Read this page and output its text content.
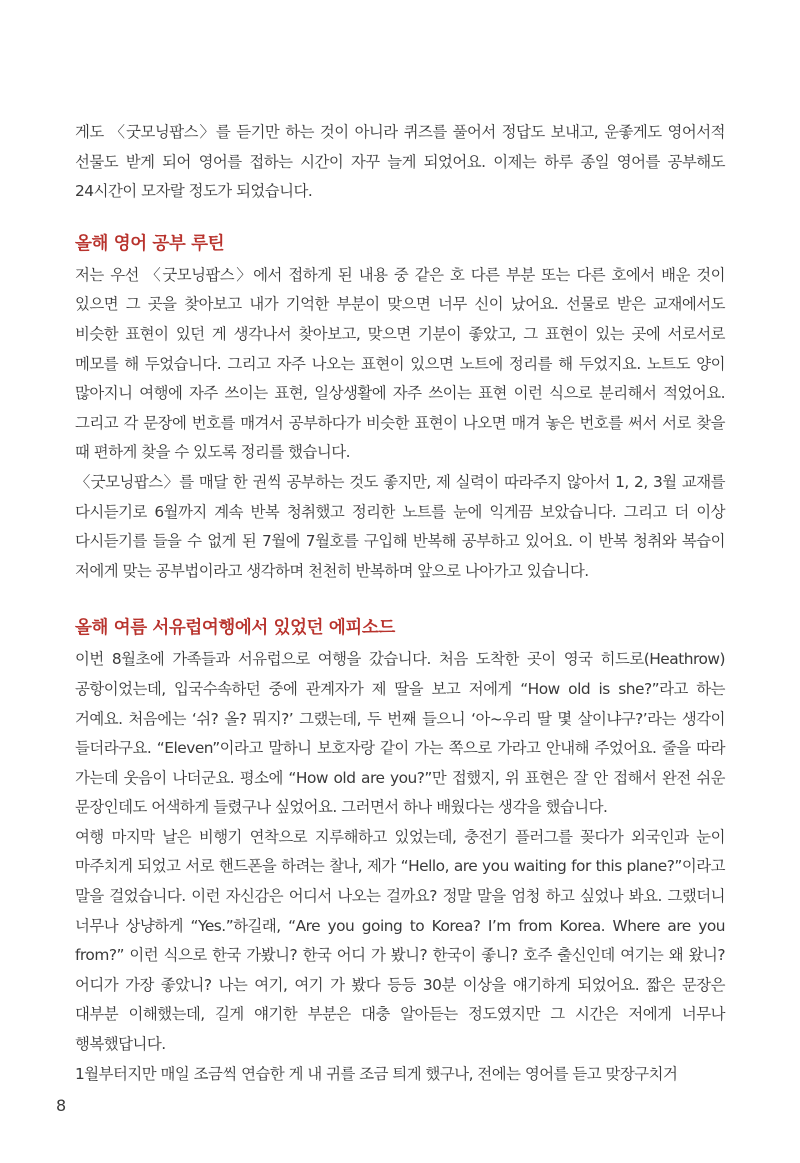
게도 〈굿모닝팝스〉를 듣기만 하는 것이 아니라 퀴즈를 풀어서 정답도 보내고, 운좋게도 영어서적 선물도 받게 되어 영어를 접하는 시간이 자꾸 늘게 되었어요. 이제는 하루 종일 영어를 공부해도 24시간이 모자랄 정도가 되었습니다.

올해 영어 공부 루틴

저는 우선 〈굿모닝팝스〉에서 접하게 된 내용 중 같은 호 다른 부분 또는 다른 호에서 배운 것이 있으면 그 곳을 찾아보고 내가 기억한 부분이 맞으면 너무 신이 났어요. 선물로 받은 교재에서도 비슷한 표현이 있던 게 생각나서 찾아보고, 맞으면 기분이 좋았고, 그 표현이 있는 곳에 서로서로 메모를 해 두었습니다. 그리고 자주 나오는 표현이 있으면 노트에 정리를 해 두었지요. 노트도 양이 많아지니 여행에 자주 쓰이는 표현, 일상생활에 자주 쓰이는 표현 이런 식으로 분리해서 적었어요. 그리고 각 문장에 번호를 매겨서 공부하다가 비슷한 표현이 나오면 매겨 놓은 번호를 써서 서로 찾을 때 편하게 찾을 수 있도록 정리를 했습니다.

〈굿모닝팝스〉를 매달 한 권씩 공부하는 것도 좋지만, 제 실력이 따라주지 않아서 1, 2, 3월 교재를 다시듣기로 6월까지 계속 반복 청취했고 정리한 노트를 눈에 익게끔 보았습니다. 그리고 더 이상 다시듣기를 들을 수 없게 된 7월에 7월호를 구입해 반복해 공부하고 있어요. 이 반복 청취와 복습이 저에게 맞는 공부법이라고 생각하며 천천히 반복하며 앞으로 나아가고 있습니다.

올해 여름 서유럽여행에서 있었던 에피소드

이번 8월초에 가족들과 서유럽으로 여행을 갔습니다. 처음 도착한 곳이 영국 히드로(Heathrow) 공항이었는데, 입국수속하던 중에 관계자가 제 딸을 보고 저에게 “How old is she?”라고 하는 거예요. 처음에는 ‘쉬? 올? 뭐지?’ 그랬는데, 두 번째 들으니 ‘아~우리 딸 몇 살이냐구?’라는 생각이 들더라구요. “Eleven”이라고 말하니 보호자랑 같이 가는 쪽으로 가라고 안내해 주었어요. 줄을 따라 가는데 웃음이 나더군요. 평소에 “How old are you?”만 접했지, 위 표현은 잘 안 접해서 완전 쉬운 문장인데도 어색하게 들렸구나 싶었어요. 그러면서 하나 배웠다는 생각을 했습니다.

여행 마지막 날은 비행기 연착으로 지루해하고 있었는데, 충전기 플러그를 꽂다가 외국인과 눈이 마주치게 되었고 서로 핸드폰을 하려는 찰나, 제가 “Hello, are you waiting for this plane?”이라고 말을 걸었습니다. 이런 자신감은 어디서 나오는 걸까요? 정말 말을 엄청 하고 싶었나 봐요. 그랬더니 너무나 상냥하게 “Yes.”하길래, “Are you going to Korea? I’m from Korea. Where are you from?” 이런 식으로 한국 가봤니? 한국 어디 가 봤니? 한국이 좋니? 호주 출신인데 여기는 왜 왔니? 어디가 가장 좋았니? 나는 여기, 여기 가 봤다 등등 30분 이상을 얘기하게 되었어요. 짧은 문장은 대부분 이해했는데, 길게 얘기한 부분은 대충 알아듣는 정도였지만 그 시간은 저에게 너무나 행복했답니다.

1월부터지만 매일 조금씩 연습한 게 내 귀를 조금 틔게 했구나, 전에는 영어를 듣고 맞장구치거

8
